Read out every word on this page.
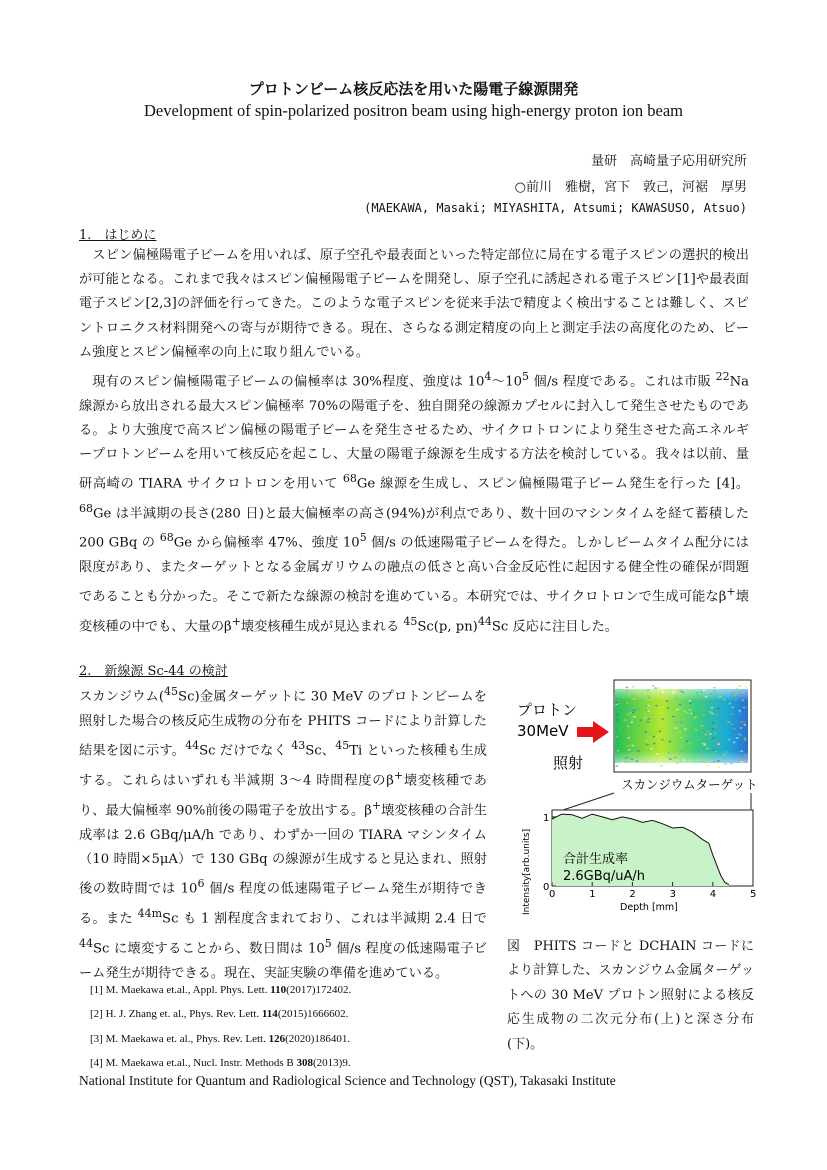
プロトンビーム核反応法を用いた陽電子線源開発
Development of spin-polarized positron beam using high-energy proton ion beam
量研　高崎量子応用研究所
○前川　雅樹，宮下　敦己，河裾　厚男
(MAEKAWA, Masaki; MIYASHITA, Atsumi; KAWASUSO, Atsuo)
1.　はじめに

スピン偏極陽電子ビームを用いれば、原子空孔や最表面といった特定部位に局在する電子スピンの選択的検出が可能となる。これまで我々はスピン偏極陽電子ビームを開発し、原子空孔に誘起される電子スピン[1]や最表面電子スピン[2,3]の評価を行ってきた。このような電子スピンを従来手法で精度よく検出することは難しく、スピントロニクス材料開発への寄与が期待できる。現在、さらなる測定精度の向上と測定手法の高度化のため、ビーム強度とスピン偏極率の向上に取り組んでいる。

現有のスピン偏極陽電子ビームの偏極率は 30%程度、強度は $10^4\sim 10^5$ 個/s 程度である。これは市販 $^{22}$Na 線源から放出される最大スピン偏極率 70%の陽電子を、独自開発の線源カプセルに封入して発生させたものである。より大強度で高スピン偏極の陽電子ビームを発生させるため、サイクロトロンにより発生させた高エネルギープロトンビームを用いて核反応を起こし、大量の陽電子線源を生成する方法を検討している。我々は以前、量研高崎の TIARA サイクロトロンを用いて $^{68}$Ge 線源を生成し、スピン偏極陽電子ビーム発生を行った [4]。$^{68}$Ge は半減期の長さ(280 日)と最大偏極率の高さ(94%)が利点であり、数十回のマシンタイムを経て蓄積した 200 GBq の $^{68}$Ge から偏極率 47%、強度 $10^5$ 個/s の低速陽電子ビームを得た。しかしビームタイム配分には限度があり、またターゲットとなる金属ガリウムの融点の低さと高い合金反応性に起因する健全性の確保が問題であることも分かった。そこで新たな線源の検討を進めている。本研究では、サイクロトロンで生成可能なβ+壊変核種の中でも、大量のβ+壊変核種生成が見込まれる $^{45}$Sc(p, pn)$^{44}$Sc 反応に注目した。

2.　新線源 Sc-44 の検討

スカンジウム($^{45}$Sc)金属ターゲットに 30 MeV のプロトンビームを照射した場合の核反応生成物の分布を PHITS コードにより計算した結果を図に示す。$^{44}$Sc だけでなく $^{43}$Sc、$^{45}$Ti といった核種も生成する。これらはいずれも半減期 3～4 時間程度のβ+壊変核種であり、最大偏極率 90%前後の陽電子を放出する。β+壊変核種の合計生成率は 2.6 GBq/μA/h であり、わずか一回の TIARA マシンタイム（10 時間×5μA）で 130 GBq の線源が生成すると見込まれ、照射後の数時間では $10^6$ 個/s 程度の低速陽電子ビーム発生が期待できる。また $^{44m}$Sc も 1 割程度含まれており、これは半減期 2.4 日で $^{44}$Sc に壊変することから、数日間は $10^5$ 個/s 程度の低速陽電子ビーム発生が期待できる。現在、実証実験の準備を進めている。

[1] M. Maekawa et.al., Appl. Phys. Lett. 110(2017)172402.
[2] H. J. Zhang et. al., Phys. Rev. Lett. 114(2015)1666602.
[3] M. Maekawa et. al., Phys. Rev. Lett. 126(2020)186401.
[4] M. Maekawa et.al., Nucl. Instr. Methods B 308(2013)9.
プロトン
30MeV
照射
スカンジウムターゲット
0	1	2	3	4	5
0
1
Intensity[arb.units]	Depth [mm]
合計生成率
2.6GBq/uA/h

図　PHITS コードと DCHAIN コードにより計算した、スカンジウム金属ターゲットへの 30 MeV プロトン照射による核反応生成物の二次元分布(上)と深さ分布(下)。

National Institute for Quantum and Radiological Science and Technology (QST), Takasaki Institute
